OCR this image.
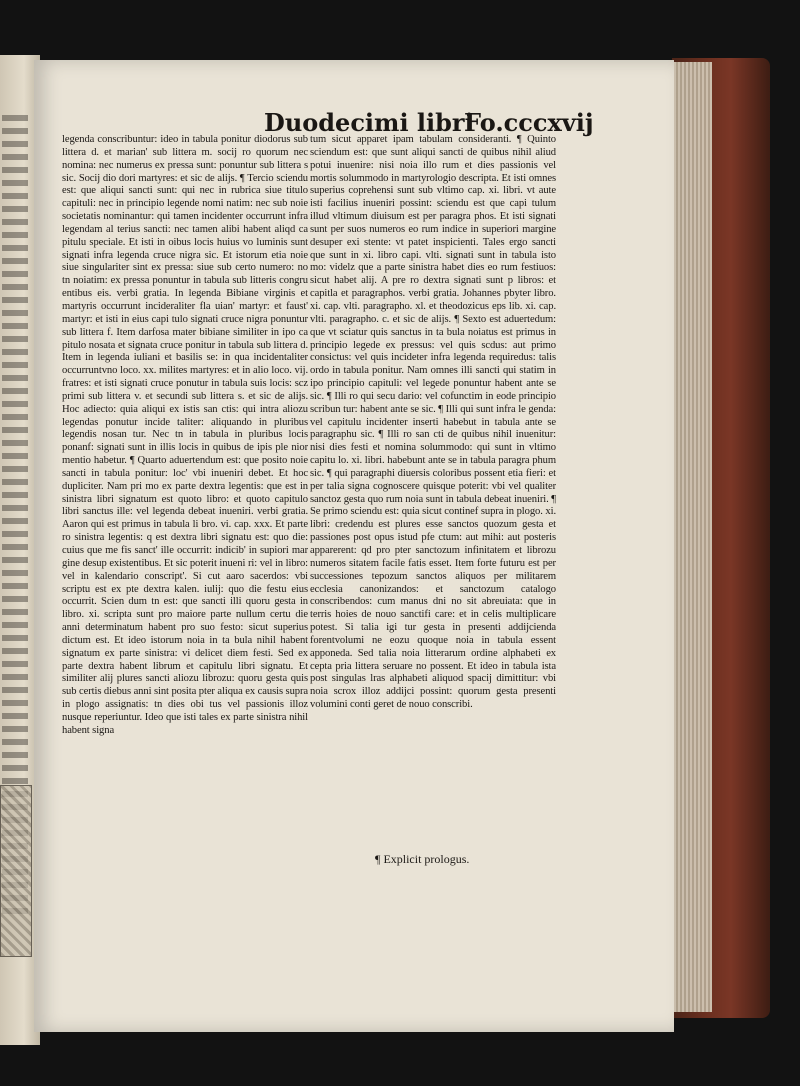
Duodecimi libri
Fo.cccxvij

legenda conscribuntur: ideo in tabula ponitur diodorus sub littera d. et marian' sub littera m. socij ro quorum nec nomina: nec numerus ex pressa sunt: ponuntur sub littera s sic. Socij dio dori martyres: et sic de alijs. ¶ Tercio sciendu est: que aliqui sancti sunt: qui nec in rubrica siue titulo capituli: nec in principio legende nomi natim: nec sub noie societatis nominantur: qui tamen incidenter occurrunt infra legendam al terius sancti: nec tamen alibi habent aliqd ca pitulu speciale. Et isti in oibus locis huius vo luminis sunt signati infra legenda cruce nigra sic. Et istorum etia noie siue singulariter sint ex pressa: siue sub certo numero: no tn noiatim: ex pressa ponuntur in tabula sub litteris congru entibus eis. verbi gratia. In legenda Bibiane virginis et martyris occurrunt incideraliter fla uian' martyr: et faust' martyr: et isti in eius capi tulo signati cruce nigra ponuntur sub littera f. Item darfosa mater bibiane similiter in ipo ca pitulo nosata et signata cruce ponitur in tabula sub littera d. Item in legenda iuliani et basilis se: in qua incidentaliter occurruntvno loco. xx. milites martyres: et in alio loco. vij. fratres: et isti signati cruce ponutur in tabula suis locis: scz primi sub littera v. et secundi sub littera s. et sic de alijs. Hoc adiecto: quia aliqui ex istis san ctis: qui intra aliozu legendas ponutur incide taliter: aliquando in pluribus legendis nosan tur. Nec tn in tabula in pluribus locis ponanf: signati sunt in illis locis in quibus de ipis ple nior mentio habetur. ¶ Quarto aduertendum est: que posito noie sancti in tabula ponitur: loc' vbi inueniri debet. Et hoc dupliciter. Nam pri mo ex parte dextra legentis: que est in sinistra libri signatum est quoto libro: et quoto capitulo libri sanctus ille: vel legenda debeat inueniri. verbi gratia. Aaron qui est primus in tabula li bro. vi. cap. xxx. Et parte ro sinistra legentis: q est dextra libri signatu est: quo die: cuius que me fis sanct' ille occurrit: indicib' in supiori mar gine desup existentibus. Et sic poterit inueni ri: vel in libro: vel in kalendario conscript'. Si cut aaro sacerdos: vbi scriptu est ex pte dextra kalen. iulij: quo die festu eius occurrit. Scien dum tn est: que sancti illi quoru gesta in libro. xi. scripta sunt pro maiore parte nullum certu die anni determinatum habent pro suo festo: sicut superius dictum est. Et ideo istorum noia in ta bula nihil habent signatum ex parte sinistra: vi delicet diem festi. Sed ex parte dextra habent librum et capitulu libri signatu. Et similiter alij plures sancti aliozu librozu: quoru gesta quis sub certis diebus anni sint posita pter aliqua ex causis supra in plogo assignatis: tn dies obi tus vel passionis illoz nusque reperiuntur. Ideo que isti tales ex parte sinistra nihil habent signa

tum sicut apparet ipam tabulam consideranti. ¶ Quinto sciendum est: que sunt aliqui sancti de quibus nihil aliud potui inuenire: nisi noia illo rum et dies passionis vel mortis solummodo in martyrologio descripta. Et isti omnes superius coprehensi sunt sub vltimo cap. xi. libri. vt aute isti facilius inueniri possint: sciendu est que capi tulum illud vltimum diuisum est per paragra phos. Et isti signati sunt per suos numeros eo rum indice in superiori margine desuper exi stente: vt patet inspicienti. Tales ergo sancti que sunt in xi. libro capi. vlti. signati sunt in tabula isto mo: videlz que a parte sinistra habet dies eo rum festiuos: sicut habet alij. A pre ro dextra signati sunt p libros: et capitla et paragraphos. verbi gratia. Johannes pbyter libro. xi. cap. vlti. paragrapho. xl. et theodozicus eps lib. xi. cap. vlti. paragrapho. c. et sic de alijs. ¶ Sexto est aduertedum: que vt sciatur quis sanctus in ta bula noiatus est primus in principio legede ex pressus: vel quis scdus: aut primo consictus: vel quis incideter infra legenda requiredus: talis ordo in tabula ponitur. Nam omnes illi sancti qui statim in ipo principio capituli: vel legede ponuntur habent ante se sic. ¶ Illi ro qui secu dario: vel cofunctim in eode principio scribun tur: habent ante se sic. ¶ Illi qui sunt infra le genda: vel capitulu incidenter inserti habebut in tabula ante se paragraphu sic. ¶ Illi ro san cti de quibus nihil inuenitur: nisi dies festi et nomina solummodo: qui sunt in vltimo capitu lo. xi. libri. habebunt ante se in tabula paragra phum sic. ¶ qui paragraphi diuersis coloribus possent etia fieri: et per talia signa cognoscere quisque poterit: vbi vel qualiter sanctoz gesta quo rum noia sunt in tabula debeat inueniri. ¶ Se primo sciendu est: quia sicut continef supra in plogo. xi. libri: credendu est plures esse sanctos quozum gesta et passiones post opus istud pfe ctum: aut mihi: aut posteris apparerent: qd pro pter sanctozum infinitatem et librozu numeros sitatem facile fatis esset. Item forte futuru est per successiones tepozum sanctos aliquos per militarem ecclesia canonizandos: et sanctozum catalogo conscribendos: cum manus dni no sit abreuiata: que in terris hoies de nouo sanctifi care: et in celis multiplicare potest. Si talia igi tur gesta in presenti addijcienda forentvolumi ne eozu quoque noia in tabula essent apponeda. Sed talia noia litterarum ordine alphabeti ex cepta pria littera seruare no possent. Et ideo in tabula ista post singulas lras alphabeti aliquod spacij dimittitur: vbi noia scrox illoz addijci possint: quorum gesta presenti volumini conti geret de nouo conscribi.

¶ Explicit prologus.
